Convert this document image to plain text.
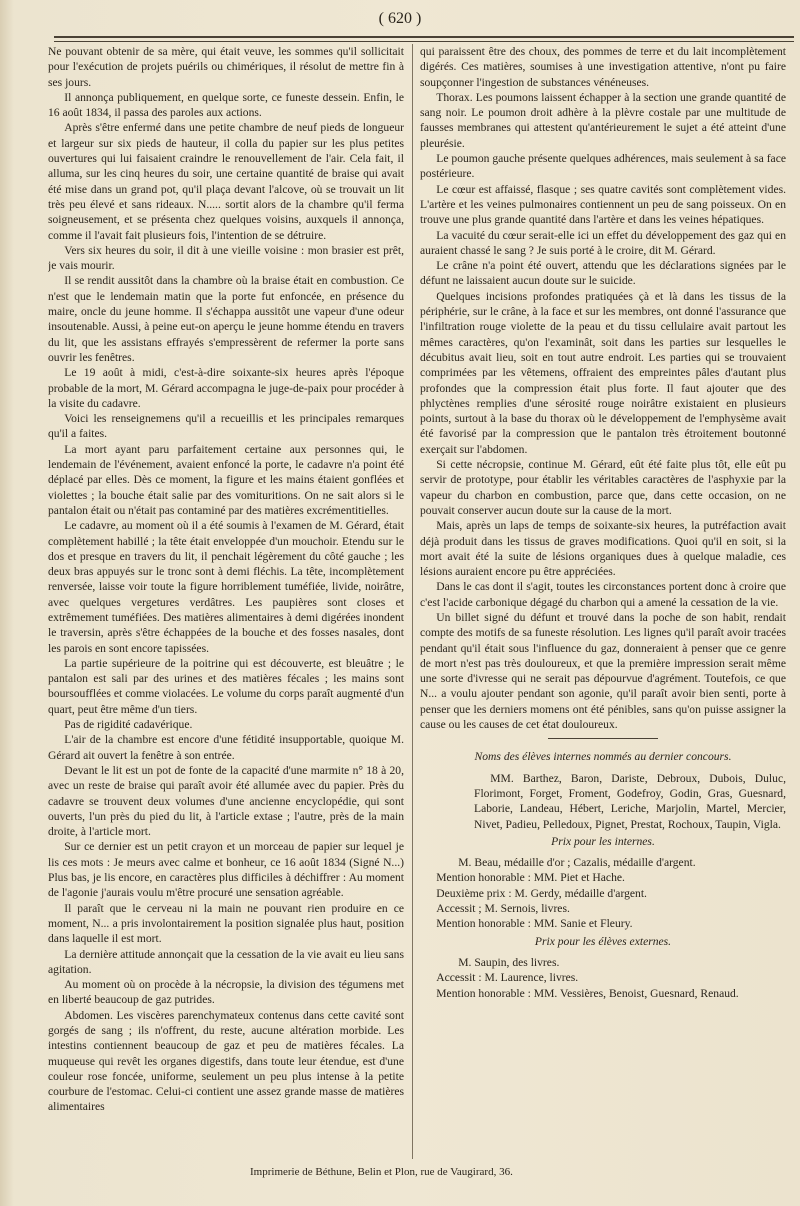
( 620 )

Ne pouvant obtenir de sa mère, qui était veuve, les sommes qu'il sollicitait pour l'exécution de projets puérils ou chimériques, il résolut de mettre fin à ses jours.

Il annonça publiquement, en quelque sorte, ce funeste dessein. Enfin, le 16 août 1834, il passa des paroles aux actions.

Après s'être enfermé dans une petite chambre de neuf pieds de longueur et largeur sur six pieds de hauteur, il colla du papier sur les plus petites ouvertures qui lui faisaient craindre le renouvellement de l'air. Cela fait, il alluma, sur les cinq heures du soir, une certaine quantité de braise qui avait été mise dans un grand pot, qu'il plaça devant l'alcove, où se trouvait un lit très peu élevé et sans rideaux. N..... sortit alors de la chambre qu'il ferma soigneusement, et se présenta chez quelques voisins, auxquels il annonça, comme il l'avait fait plusieurs fois, l'intention de se détruire.

Vers six heures du soir, il dit à une vieille voisine : mon brasier est prêt, je vais mourir.

Il se rendit aussitôt dans la chambre où la braise était en combustion. Ce n'est que le lendemain matin que la porte fut enfoncée, en présence du maire, oncle du jeune homme. Il s'échappa aussitôt une vapeur d'une odeur insoutenable. Aussi, à peine eut-on aperçu le jeune homme étendu en travers du lit, que les assistans effrayés s'empressèrent de refermer la porte sans ouvrir les fenêtres.

Le 19 août à midi, c'est-à-dire soixante-six heures après l'époque probable de la mort, M. Gérard accompagna le juge-de-paix pour procéder à la visite du cadavre.

Voici les renseignemens qu'il a recueillis et les principales remarques qu'il a faites.

La mort ayant paru parfaitement certaine aux personnes qui, le lendemain de l'événement, avaient enfoncé la porte, le cadavre n'a point été déplacé par elles. Dès ce moment, la figure et les mains étaient gonflées et violettes ; la bouche était salie par des vomituritions. On ne sait alors si le pantalon était ou n'était pas contaminé par des matières excrémentitielles.

Le cadavre, au moment où il a été soumis à l'examen de M. Gérard, était complètement habillé ; la tête était enveloppée d'un mouchoir. Etendu sur le dos et presque en travers du lit, il penchait légèrement du côté gauche ; les deux bras appuyés sur le tronc sont à demi fléchis. La tête, incomplètement renversée, laisse voir toute la figure horriblement tuméfiée, livide, noirâtre, avec quelques vergetures verdâtres. Les paupières sont closes et extrêmement tuméfiées. Des matières alimentaires à demi digérées inondent le traversin, après s'être échappées de la bouche et des fosses nasales, dont les parois en sont encore tapissées.

La partie supérieure de la poitrine qui est découverte, est bleuâtre ; le pantalon est sali par des urines et des matières fécales ; les mains sont boursoufflées et comme violacées. Le volume du corps paraît augmenté d'un quart, peut être même d'un tiers.

Pas de rigidité cadavérique.

L'air de la chambre est encore d'une fétidité insupportable, quoique M. Gérard ait ouvert la fenêtre à son entrée.

Devant le lit est un pot de fonte de la capacité d'une marmite n° 18 à 20, avec un reste de braise qui paraît avoir été allumée avec du papier. Près du cadavre se trouvent deux volumes d'une ancienne encyclopédie, qui sont ouverts, l'un près du pied du lit, à l'article extase ; l'autre, près de la main droite, à l'article mort.

Sur ce dernier est un petit crayon et un morceau de papier sur lequel je lis ces mots : Je meurs avec calme et bonheur, ce 16 août 1834 (Signé N...) Plus bas, je lis encore, en caractères plus difficiles à déchiffrer : Au moment de l'agonie j'aurais voulu m'être procuré une sensation agréable.

Il paraît que le cerveau ni la main ne pouvant rien produire en ce moment, N... a pris involontairement la position signalée plus haut, position dans laquelle il est mort.

La dernière attitude annonçait que la cessation de la vie avait eu lieu sans agitation.

Au moment où on procède à la nécropsie, la division des tégumens met en liberté beaucoup de gaz putrides.

Abdomen. Les viscères parenchymateux contenus dans cette cavité sont gorgés de sang ; ils n'offrent, du reste, aucune altération morbide. Les intestins contiennent beaucoup de gaz et peu de matières fécales. La muqueuse qui revêt les organes digestifs, dans toute leur étendue, est d'une couleur rose foncée, uniforme, seulement un peu plus intense à la petite courbure de l'estomac. Celui-ci contient une assez grande masse de matières alimentaires

qui paraissent être des choux, des pommes de terre et du lait incomplètement digérés. Ces matières, soumises à une investigation attentive, n'ont pu faire soupçonner l'ingestion de substances vénéneuses.

Thorax. Les poumons laissent échapper à la section une grande quantité de sang noir. Le poumon droit adhère à la plèvre costale par une multitude de fausses membranes qui attestent qu'antérieurement le sujet a été atteint d'une pleurésie.

Le poumon gauche présente quelques adhérences, mais seulement à sa face postérieure.

Le cœur est affaissé, flasque ; ses quatre cavités sont complètement vides. L'artère et les veines pulmonaires contiennent un peu de sang poisseux. On en trouve une plus grande quantité dans l'artère et dans les veines hépatiques.

La vacuité du cœur serait-elle ici un effet du développement des gaz qui en auraient chassé le sang ? Je suis porté à le croire, dit M. Gérard.

Le crâne n'a point été ouvert, attendu que les déclarations signées par le défunt ne laissaient aucun doute sur le suicide.

Quelques incisions profondes pratiquées çà et là dans les tissus de la périphérie, sur le crâne, à la face et sur les membres, ont donné l'assurance que l'infiltration rouge violette de la peau et du tissu cellulaire avait partout les mêmes caractères, qu'on l'examinât, soit dans les parties sur lesquelles le décubitus avait lieu, soit en tout autre endroit. Les parties qui se trouvaient comprimées par les vêtemens, offraient des empreintes pâles d'autant plus profondes que la compression était plus forte. Il faut ajouter que des phlyctènes remplies d'une sérosité rouge noirâtre existaient en plusieurs points, surtout à la base du thorax où le développement de l'emphysème avait été favorisé par la compression que le pantalon très étroitement boutonné exerçait sur l'abdomen.

Si cette nécropsie, continue M. Gérard, eût été faite plus tôt, elle eût pu servir de prototype, pour établir les véritables caractères de l'asphyxie par la vapeur du charbon en combustion, parce que, dans cette occasion, on ne pouvait conserver aucun doute sur la cause de la mort.

Mais, après un laps de temps de soixante-six heures, la putréfaction avait déjà produit dans les tissus de graves modifications. Quoi qu'il en soit, si la mort avait été la suite de lésions organiques dues à quelque maladie, ces lésions auraient encore pu être appréciées.

Dans le cas dont il s'agit, toutes les circonstances portent donc à croire que c'est l'acide carbonique dégagé du charbon qui a amené la cessation de la vie.

Un billet signé du défunt et trouvé dans la poche de son habit, rendait compte des motifs de sa funeste résolution. Les lignes qu'il paraît avoir tracées pendant qu'il était sous l'influence du gaz, donneraient à penser que ce genre de mort n'est pas très douloureux, et que la première impression serait même une sorte d'ivresse qui ne serait pas dépourvue d'agrément. Toutefois, ce que N... a voulu ajouter pendant son agonie, qu'il paraît avoir bien senti, porte à penser que les derniers momens ont été pénibles, sans qu'on puisse assigner la cause ou les causes de cet état douloureux.

Noms des élèves internes nommés au dernier concours.

MM. Barthez, Baron, Dariste, Debroux, Dubois, Duluc, Florimont, Forget, Froment, Godefroy, Godin, Gras, Guesnard, Laborie, Landeau, Hébert, Leriche, Marjolin, Martel, Mercier, Nivet, Padieu, Pelledoux, Pignet, Prestat, Rochoux, Taupin, Vigla.

Prix pour les internes.

M. Beau, médaille d'or ; Cazalis, médaille d'argent.

Mention honorable : MM. Piet et Hache.

Deuxième prix : M. Gerdy, médaille d'argent.

Accessit ; M. Sernois, livres.

Mention honorable : MM. Sanie et Fleury.

Prix pour les élèves externes.

M. Saupin, des livres.

Accessit : M. Laurence, livres.

Mention honorable : MM. Vessières, Benoist, Guesnard, Renaud.

Imprimerie de Béthune, Belin et Plon, rue de Vaugirard, 36.
